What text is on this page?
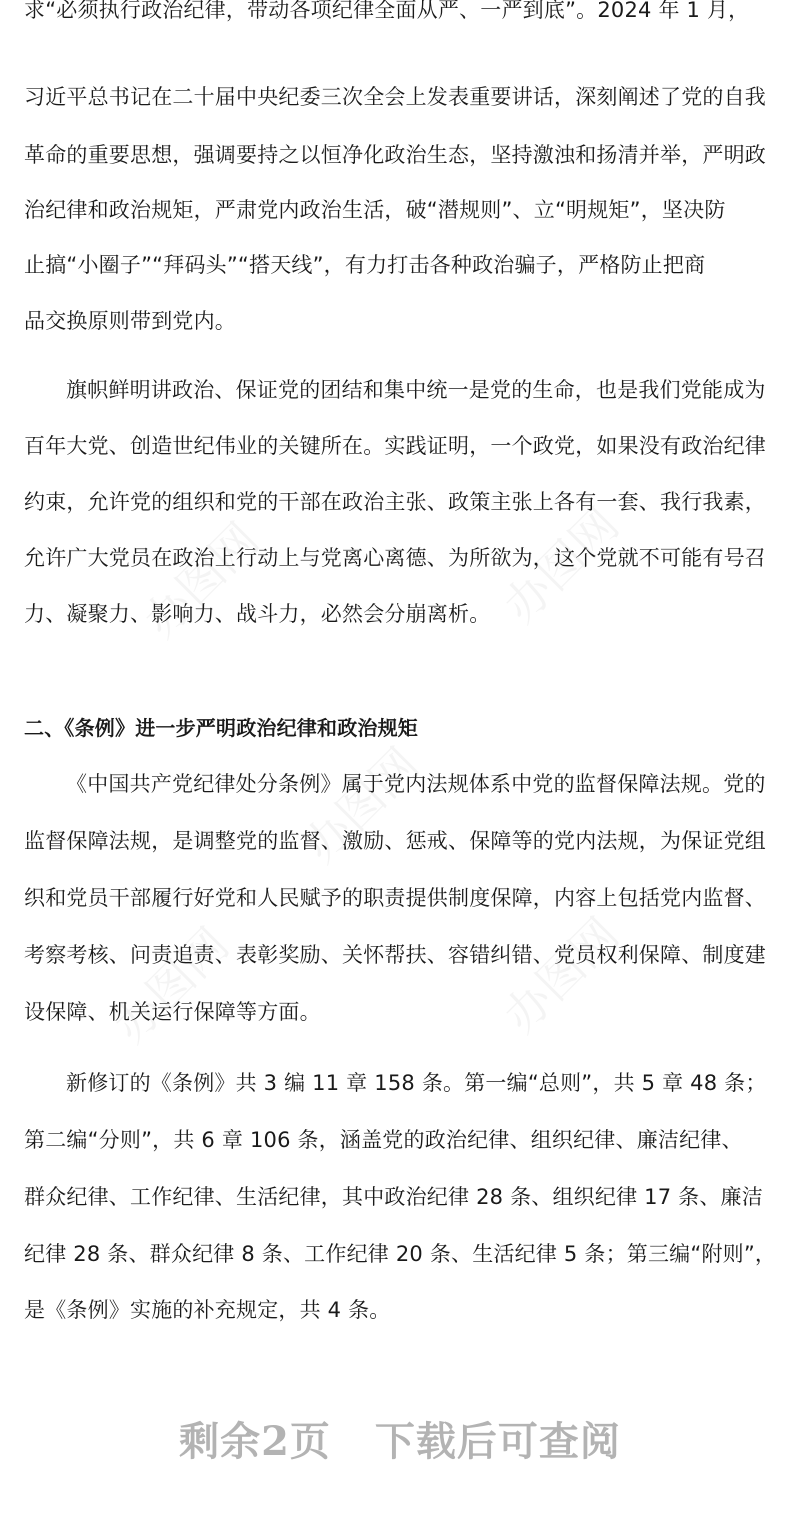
求“必须执行政治纪律，带动各项纪律全面从严、一严到底”。2024 年 1 月，
习近平总书记在二十届中央纪委三次全会上发表重要讲话，深刻阐述了党的自我
革命的重要思想，强调要持之以恒净化政治生态，坚持激浊和扬清并举，严明政
治纪律和政治规矩，严肃党内政治生活，破“潜规则”、立“明规矩”，坚决防
止搞“小圈子”“拜码头”“搭天线”，有力打击各种政治骗子，严格防止把商
品交换原则带到党内。
旗帜鲜明讲政治、保证党的团结和集中统一是党的生命，也是我们党能成为
百年大党、创造世纪伟业的关键所在。实践证明，一个政党，如果没有政治纪律
约束，允许党的组织和党的干部在政治主张、政策主张上各有一套、我行我素，
允许广大党员在政治上行动上与党离心离德、为所欲为，这个党就不可能有号召
力、凝聚力、影响力、战斗力，必然会分崩离析。
二、《条例》进一步严明政治纪律和政治规矩
《中国共产党纪律处分条例》属于党内法规体系中党的监督保障法规。党的
监督保障法规，是调整党的监督、激励、惩戒、保障等的党内法规，为保证党组
织和党员干部履行好党和人民赋予的职责提供制度保障，内容上包括党内监督、
考察考核、问责追责、表彰奖励、关怀帮扶、容错纠错、党员权利保障、制度建
设保障、机关运行保障等方面。
新修订的《条例》共 3 编 11 章 158 条。第一编“总则”，共 5 章 48 条；
第二编“分则”，共 6 章 106 条，涵盖党的政治纪律、组织纪律、廉洁纪律、
群众纪律、工作纪律、生活纪律，其中政治纪律 28 条、组织纪律 17 条、廉洁
纪律 28 条、群众纪律 8 条、工作纪律 20 条、生活纪律 5 条；第三编“附则”，
是《条例》实施的补充规定，共 4 条。
剩余2页 下载后可查阅
